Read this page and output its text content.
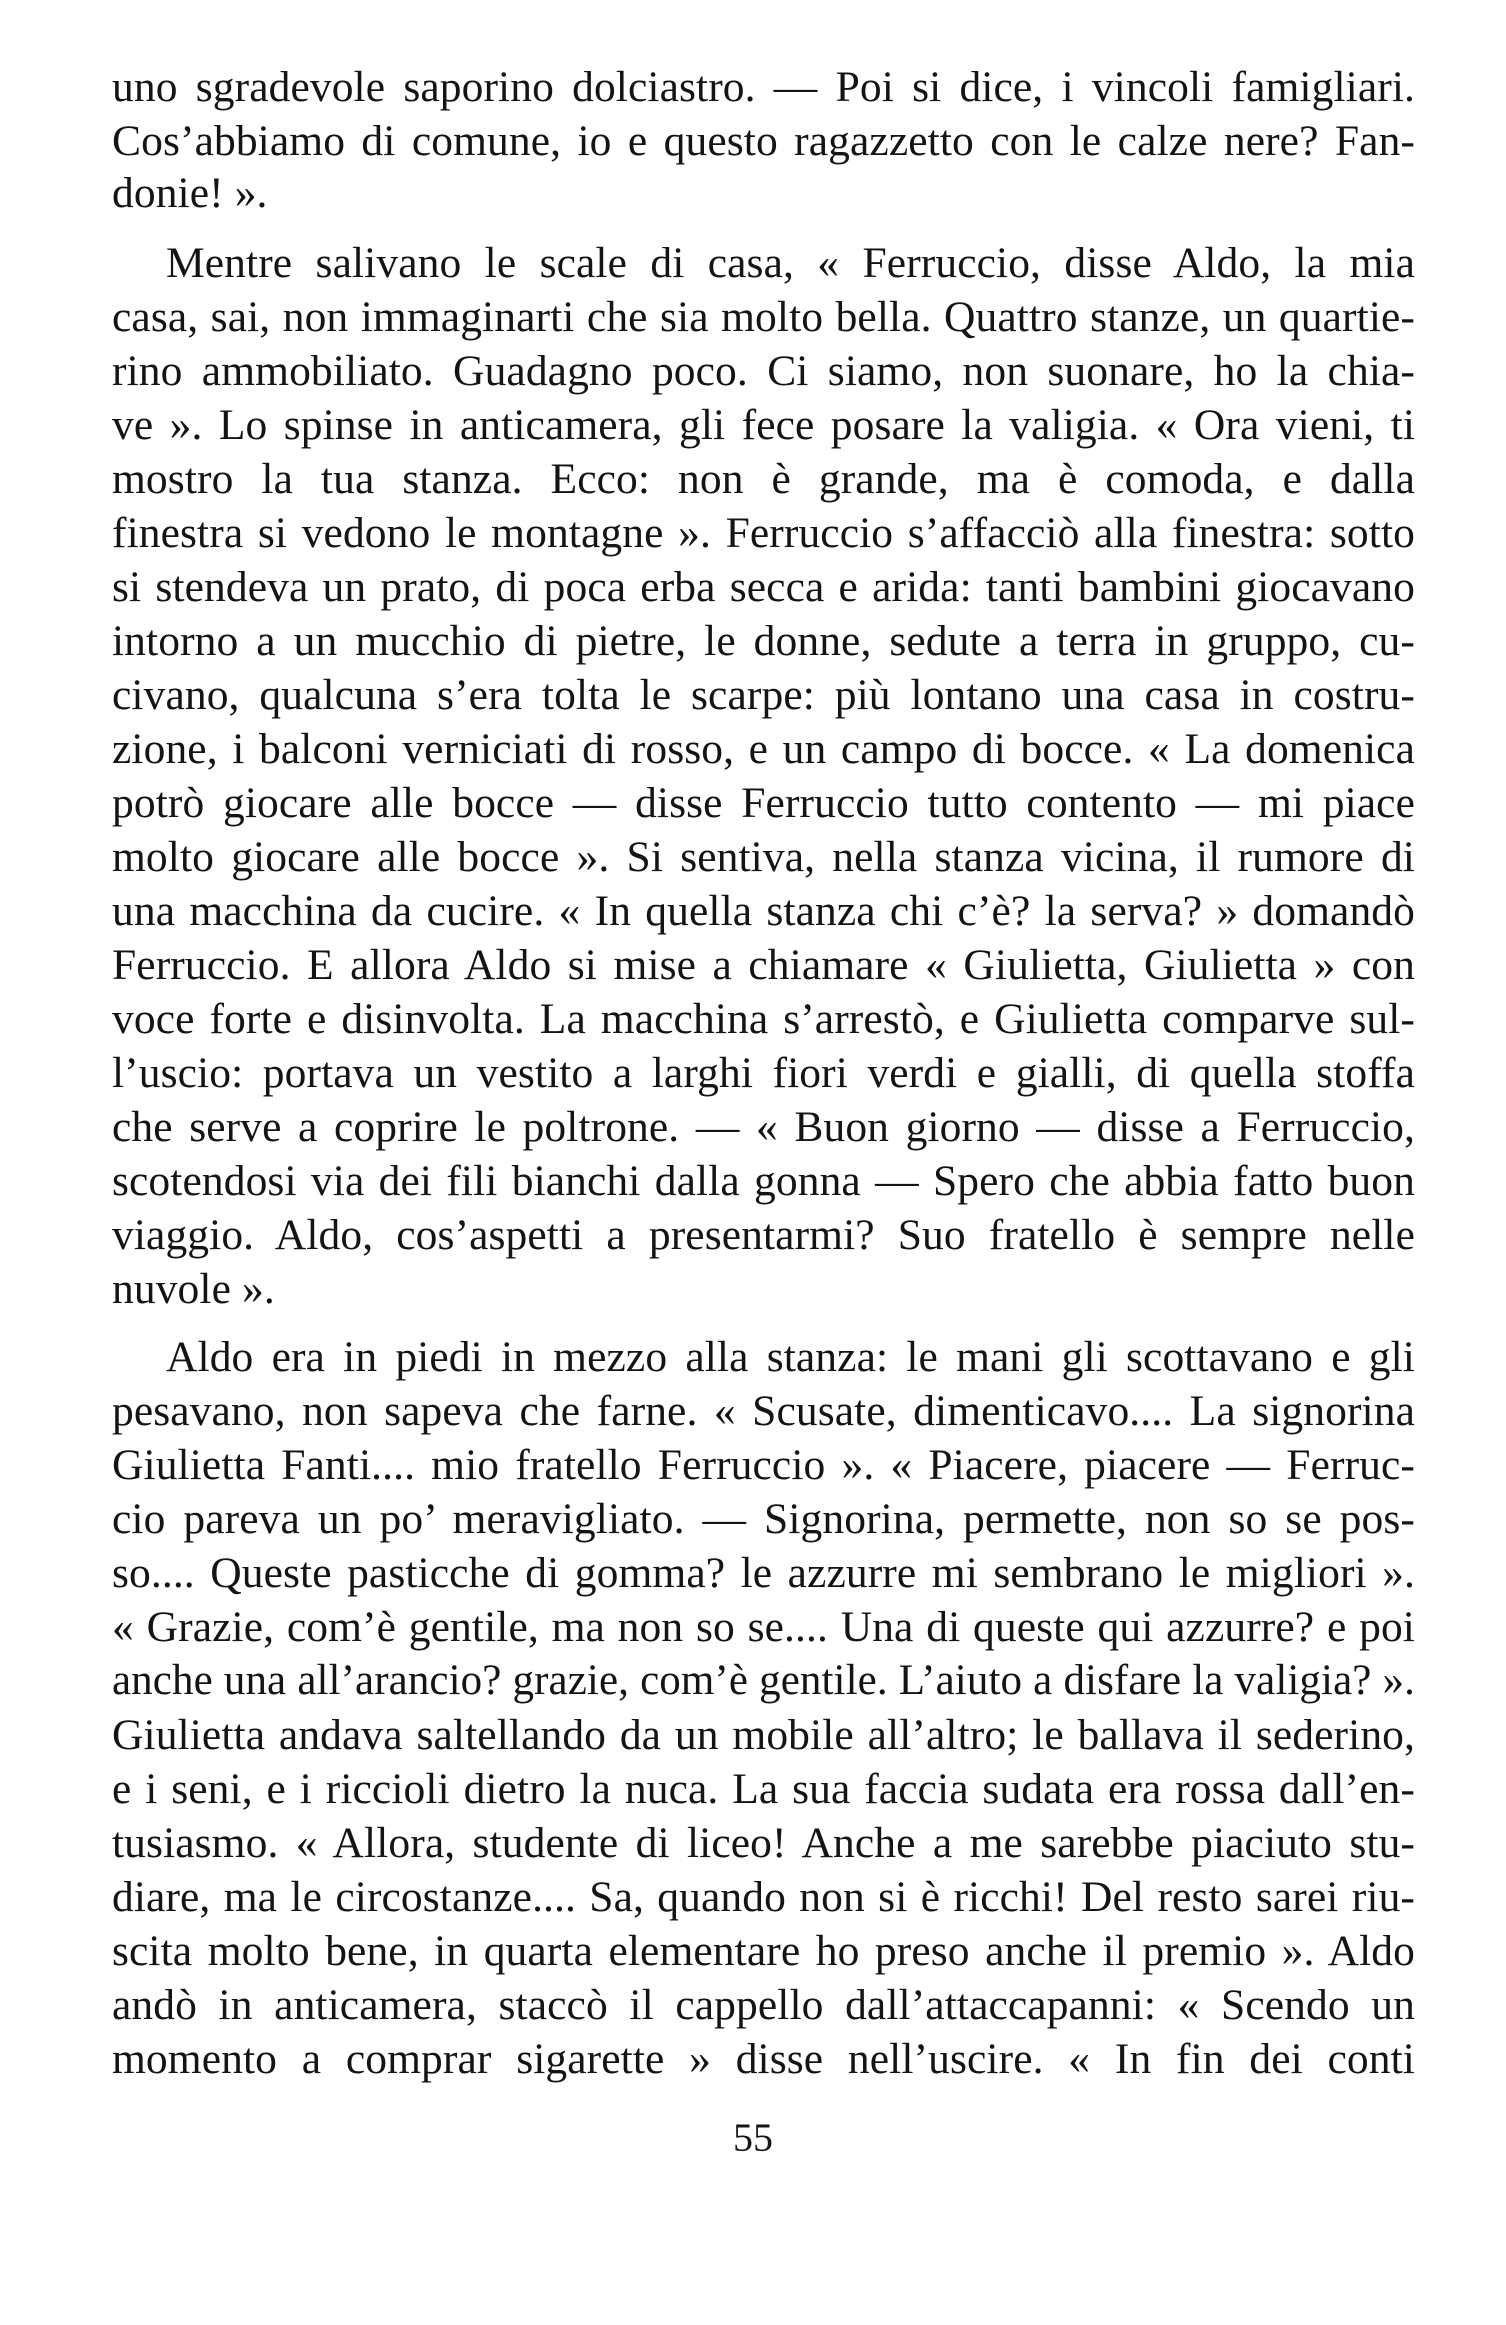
uno sgradevole saporino dolciastro. — Poi si dice, i vincoli famigliari.
Cos’abbiamo di comune, io e questo ragazzetto con le calze nere? Fan-
donie! ».
Mentre salivano le scale di casa, « Ferruccio, disse Aldo, la mia
casa, sai, non immaginarti che sia molto bella. Quattro stanze, un quartie-
rino ammobiliato. Guadagno poco. Ci siamo, non suonare, ho la chia-
ve ». Lo spinse in anticamera, gli fece posare la valigia. « Ora vieni, ti
mostro la tua stanza. Ecco: non è grande, ma è comoda, e dalla
finestra si vedono le montagne ». Ferruccio s’affacciò alla finestra: sotto
si stendeva un prato, di poca erba secca e arida: tanti bambini giocavano
intorno a un mucchio di pietre, le donne, sedute a terra in gruppo, cu-
civano, qualcuna s’era tolta le scarpe: più lontano una casa in costru-
zione, i balconi verniciati di rosso, e un campo di bocce. « La domenica
potrò giocare alle bocce — disse Ferruccio tutto contento — mi piace
molto giocare alle bocce ». Si sentiva, nella stanza vicina, il rumore di
una macchina da cucire. « In quella stanza chi c’è? la serva? » domandò
Ferruccio. E allora Aldo si mise a chiamare « Giulietta, Giulietta » con
voce forte e disinvolta. La macchina s’arrestò, e Giulietta comparve sul-
l’uscio: portava un vestito a larghi fiori verdi e gialli, di quella stoffa
che serve a coprire le poltrone. — « Buon giorno — disse a Ferruccio,
scotendosi via dei fili bianchi dalla gonna — Spero che abbia fatto buon
viaggio. Aldo, cos’aspetti a presentarmi? Suo fratello è sempre nelle
nuvole ».
Aldo era in piedi in mezzo alla stanza: le mani gli scottavano e gli
pesavano, non sapeva che farne. « Scusate, dimenticavo.... La signorina
Giulietta Fanti.... mio fratello Ferruccio ». « Piacere, piacere — Ferruc-
cio pareva un po’ meravigliato. — Signorina, permette, non so se pos-
so.... Queste pasticche di gomma? le azzurre mi sembrano le migliori ».
« Grazie, com’è gentile, ma non so se.... Una di queste qui azzurre? e poi
anche una all’arancio? grazie, com’è gentile. L’aiuto a disfare la valigia? ».
Giulietta andava saltellando da un mobile all’altro; le ballava il sederino,
e i seni, e i riccioli dietro la nuca. La sua faccia sudata era rossa dall’en-
tusiasmo. « Allora, studente di liceo! Anche a me sarebbe piaciuto stu-
diare, ma le circostanze.... Sa, quando non si è ricchi! Del resto sarei riu-
scita molto bene, in quarta elementare ho preso anche il premio ». Aldo
andò in anticamera, staccò il cappello dall’attaccapanni: « Scendo un
momento a comprar sigarette » disse nell’uscire. « In fin dei conti
55
